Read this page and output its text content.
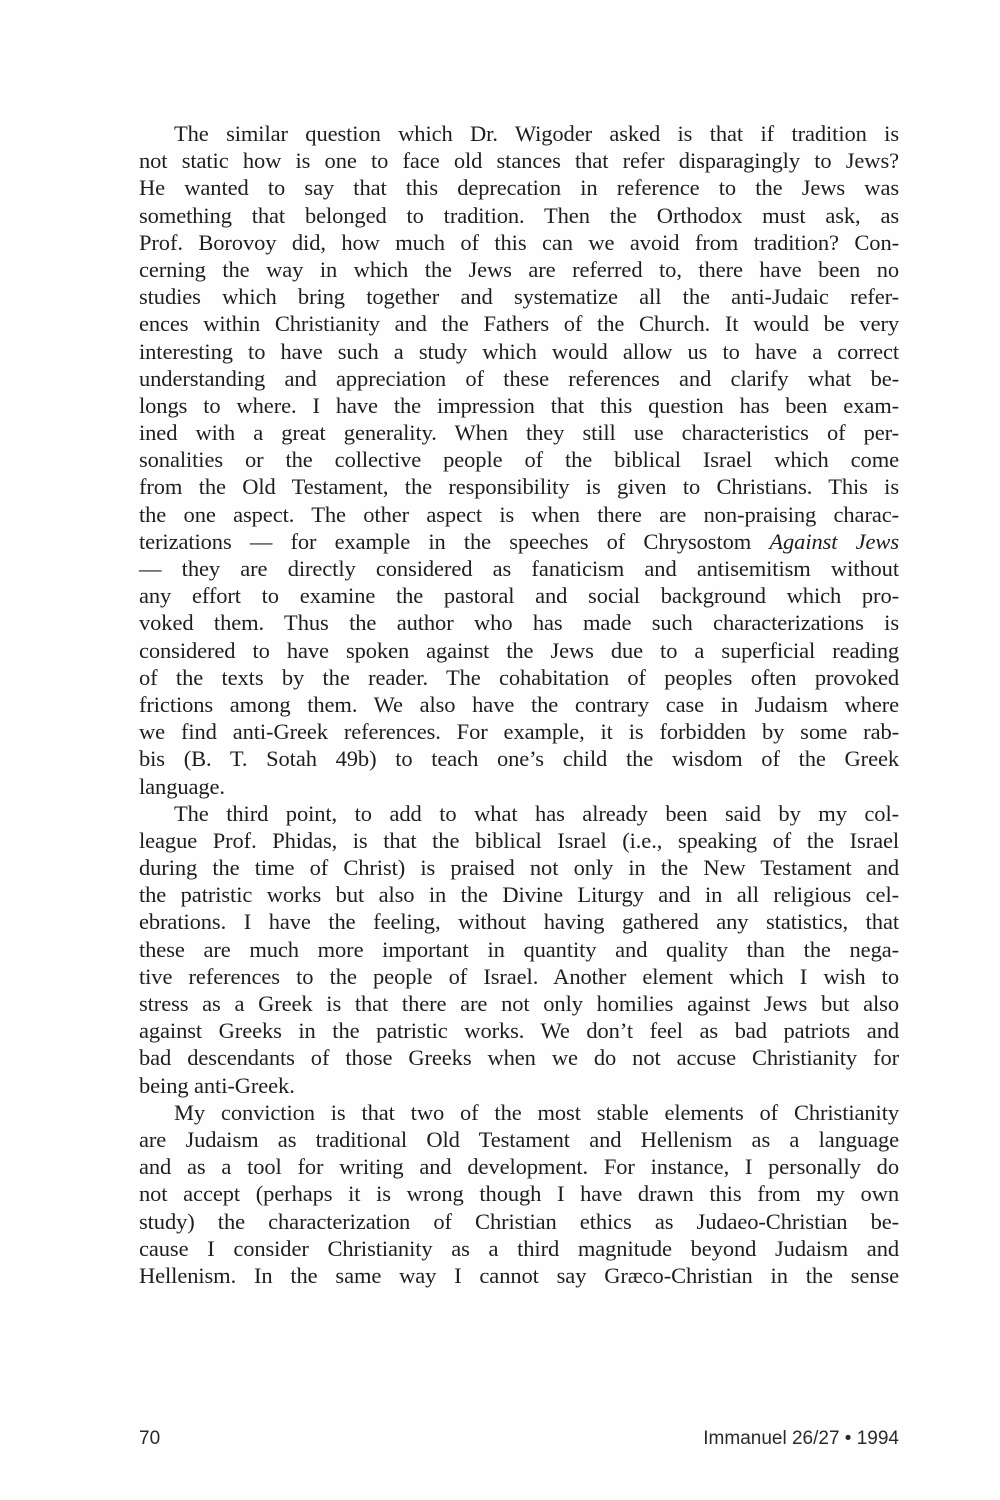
The similar question which Dr. Wigoder asked is that if tradition is
not static how is one to face old stances that refer disparagingly to Jews?
He wanted to say that this deprecation in reference to the Jews was
something that belonged to tradition. Then the Orthodox must ask, as
Prof. Borovoy did, how much of this can we avoid from tradition? Con-
cerning the way in which the Jews are referred to, there have been no
studies which bring together and systematize all the anti-Judaic refer-
ences within Christianity and the Fathers of the Church. It would be very
interesting to have such a study which would allow us to have a correct
understanding and appreciation of these references and clarify what be-
longs to where. I have the impression that this question has been exam-
ined with a great generality. When they still use characteristics of per-
sonalities or the collective people of the biblical Israel which come
from the Old Testament, the responsibility is given to Christians. This is
the one aspect. The other aspect is when there are non-praising charac-
terizations — for example in the speeches of Chrysostom Against Jews
— they are directly considered as fanaticism and antisemitism without
any effort to examine the pastoral and social background which pro-
voked them. Thus the author who has made such characterizations is
considered to have spoken against the Jews due to a superficial reading
of the texts by the reader. The cohabitation of peoples often provoked
frictions among them. We also have the contrary case in Judaism where
we find anti-Greek references. For example, it is forbidden by some rab-
bis (B. T. Sotah 49b) to teach one’s child the wisdom of the Greek
language.
The third point, to add to what has already been said by my col-
league Prof. Phidas, is that the biblical Israel (i.e., speaking of the Israel
during the time of Christ) is praised not only in the New Testament and
the patristic works but also in the Divine Liturgy and in all religious cel-
ebrations. I have the feeling, without having gathered any statistics, that
these are much more important in quantity and quality than the nega-
tive references to the people of Israel. Another element which I wish to
stress as a Greek is that there are not only homilies against Jews but also
against Greeks in the patristic works. We don’t feel as bad patriots and
bad descendants of those Greeks when we do not accuse Christianity for
being anti-Greek.
My conviction is that two of the most stable elements of Christianity
are Judaism as traditional Old Testament and Hellenism as a language
and as a tool for writing and development. For instance, I personally do
not accept (perhaps it is wrong though I have drawn this from my own
study) the characterization of Christian ethics as Judaeo-Christian be-
cause I consider Christianity as a third magnitude beyond Judaism and
Hellenism. In the same way I cannot say Græco-Christian in the sense
70	Immanuel 26/27 • 1994
